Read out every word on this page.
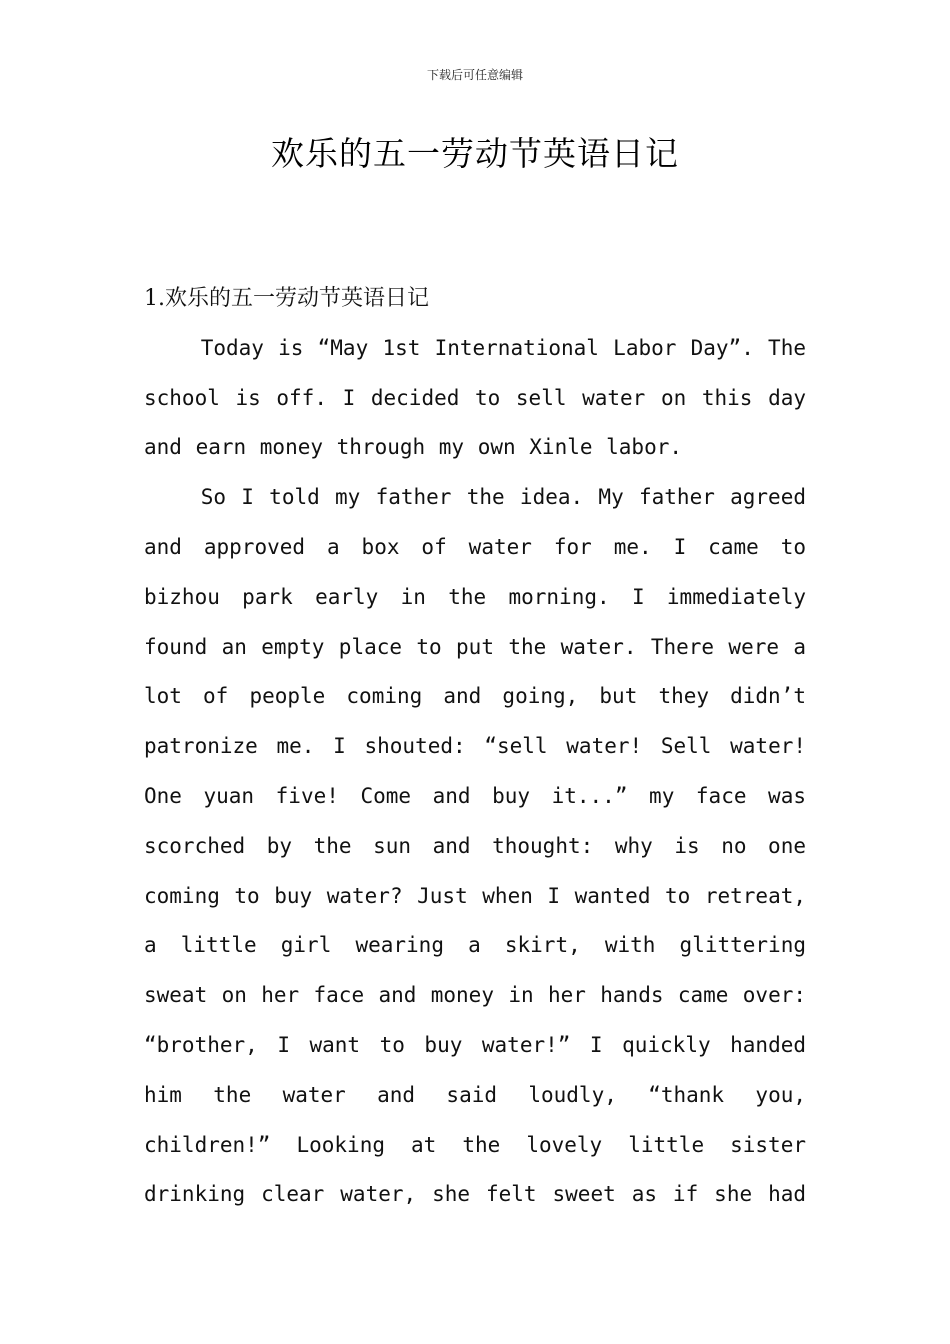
下载后可任意编辑
欢乐的五一劳动节英语日记

1.欢乐的五一劳动节英语日记

Today is “May 1st International Labor Day”. The school is off. I decided to sell water on this day and earn money through my own Xinle labor.

So I told my father the idea. My father agreed and approved a box of water for me. I came to bizhou park early in the morning. I immediately found an empty place to put the water. There were a lot of people coming and going, but they didn’t patronize me. I shouted: “sell water! Sell water! One yuan five! Come and buy it...” my face was scorched by the sun and thought: why is no one coming to buy water? Just when I wanted to retreat, a little girl wearing a skirt, with glittering sweat on her face and money in her hands came over: “brother, I want to buy water!” I quickly handed him the water and said loudly, “thank you, children!” Looking at the lovely little sister drinking clear water, she felt sweet as if she had
